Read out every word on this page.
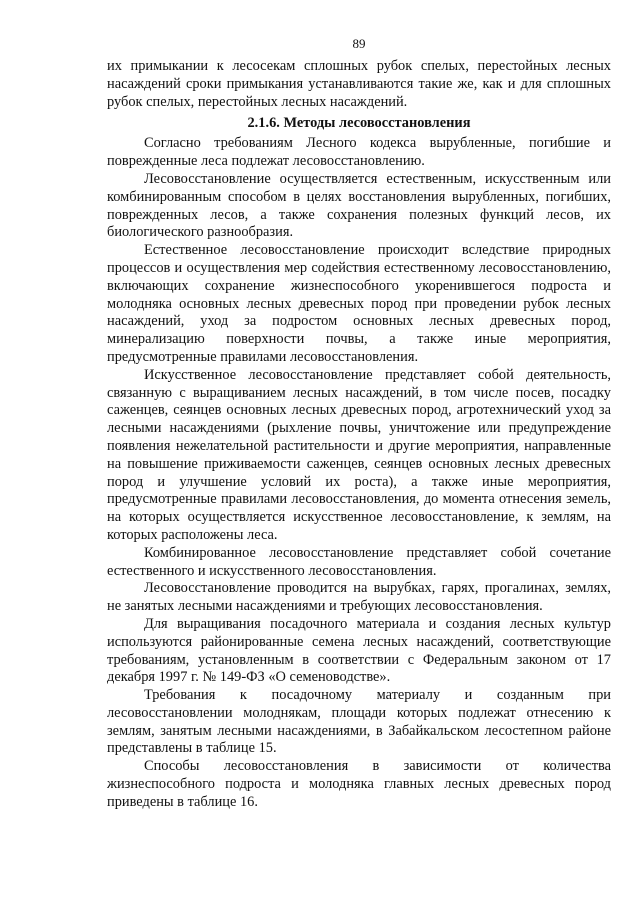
89

их примыкании к лесосекам сплошных рубок спелых, перестойных лесных насаждений сроки примыкания устанавливаются такие же, как и для сплошных рубок спелых, перестойных лесных насаждений.

2.1.6. Методы лесовосстановления

Согласно требованиям Лесного кодекса вырубленные, погибшие и поврежденные леса подлежат лесовосстановлению.

Лесовосстановление осуществляется естественным, искусственным или комбинированным способом в целях восстановления вырубленных, погибших, поврежденных лесов, а также сохранения полезных функций лесов, их биологического разнообразия.

Естественное лесовосстановление происходит вследствие природных процессов и осуществления мер содействия естественному лесовосстановлению, включающих сохранение жизнеспособного укоренившегося подроста и молодняка основных лесных древесных пород при проведении рубок лесных насаждений, уход за подростом основных лесных древесных пород, минерализацию поверхности почвы, а также иные мероприятия, предусмотренные правилами лесовосстановления.

Искусственное лесовосстановление представляет собой деятельность, связанную с выращиванием лесных насаждений, в том числе посев, посадку саженцев, сеянцев основных лесных древесных пород, агротехнический уход за лесными насаждениями (рыхление почвы, уничтожение или предупреждение появления нежелательной растительности и другие мероприятия, направленные на повышение приживаемости саженцев, сеянцев основных лесных древесных пород и улучшение условий их роста), а также иные мероприятия, предусмотренные правилами лесовосстановления, до момента отнесения земель, на которых осуществляется искусственное лесовосстановление, к землям, на которых расположены леса.

Комбинированное лесовосстановление представляет собой сочетание естественного и искусственного лесовосстановления.

Лесовосстановление проводится на вырубках, гарях, прогалинах, землях, не занятых лесными насаждениями и требующих лесовосстановления.

Для выращивания посадочного материала и создания лесных культур используются районированные семена лесных насаждений, соответствующие требованиям, установленным в соответствии с Федеральным законом от 17 декабря 1997 г. № 149-ФЗ «О семеноводстве».

Требования к посадочному материалу и созданным при лесовосстановлении молоднякам, площади которых подлежат отнесению к землям, занятым лесными насаждениями, в Забайкальском лесостепном районе представлены в таблице 15.

Способы лесовосстановления в зависимости от количества жизнеспособного подроста и молодняка главных лесных древесных пород приведены в таблице 16.
